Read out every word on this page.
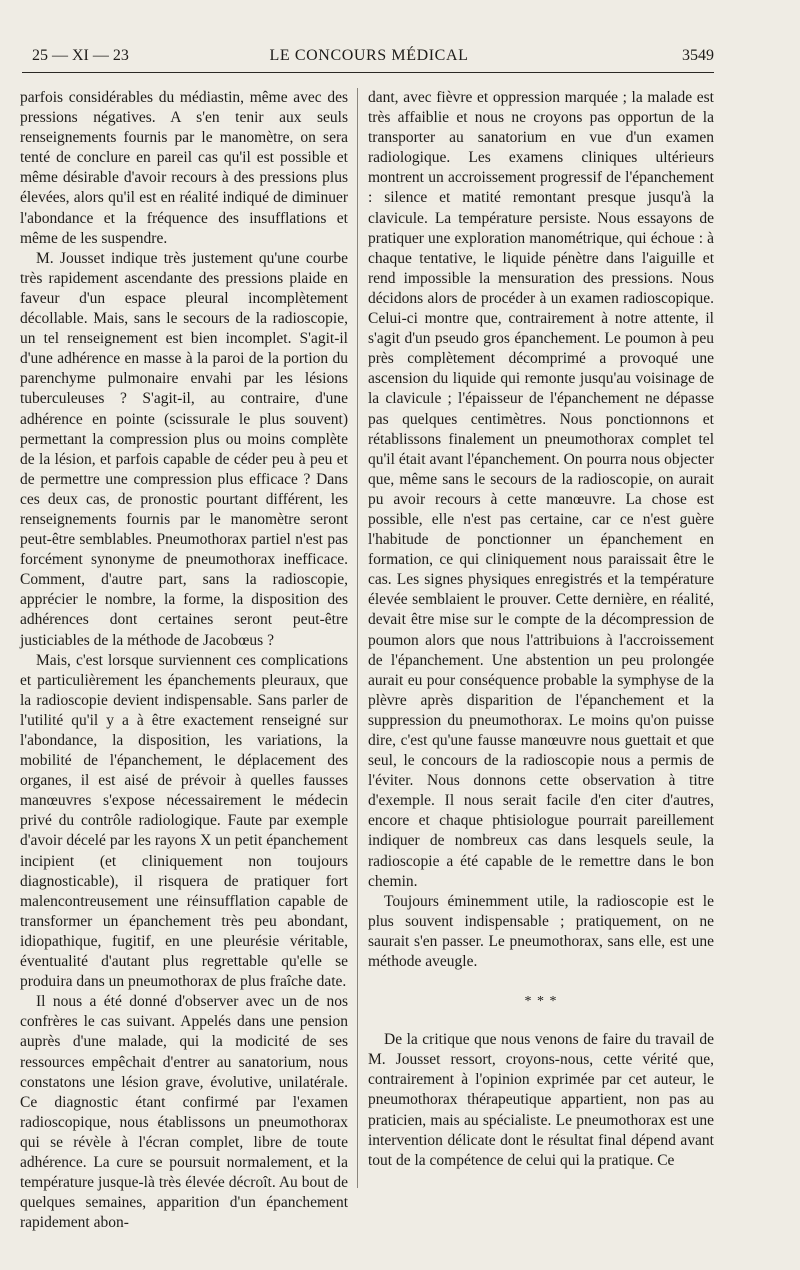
25 — XI — 23	LE CONCOURS MÉDICAL	3549

parfois considérables du médiastin, même avec des pressions négatives. A s'en tenir aux seuls renseignements fournis par le manomètre, on sera tenté de conclure en pareil cas qu'il est possible et même désirable d'avoir recours à des pressions plus élevées, alors qu'il est en réalité indiqué de diminuer l'abondance et la fréquence des insufflations et même de les suspendre.

M. Jousset indique très justement qu'une courbe très rapidement ascendante des pressions plaide en faveur d'un espace pleural incomplètement décollable. Mais, sans le secours de la radioscopie, un tel renseignement est bien incomplet. S'agit-il d'une adhérence en masse à la paroi de la portion du parenchyme pulmonaire envahi par les lésions tuberculeuses ? S'agit-il, au contraire, d'une adhérence en pointe (scissurale le plus souvent) permettant la compression plus ou moins complète de la lésion, et parfois capable de céder peu à peu et de permettre une compression plus efficace ? Dans ces deux cas, de pronostic pourtant différent, les renseignements fournis par le manomètre seront peut-être semblables. Pneumothorax partiel n'est pas forcément synonyme de pneumothorax inefficace. Comment, d'autre part, sans la radioscopie, apprécier le nombre, la forme, la disposition des adhérences dont certaines seront peut-être justiciables de la méthode de Jacobœus ?

Mais, c'est lorsque surviennent ces complications et particulièrement les épanchements pleuraux, que la radioscopie devient indispensable. Sans parler de l'utilité qu'il y a à être exactement renseigné sur l'abondance, la disposition, les variations, la mobilité de l'épanchement, le déplacement des organes, il est aisé de prévoir à quelles fausses manœuvres s'expose nécessairement le médecin privé du contrôle radiologique. Faute par exemple d'avoir décelé par les rayons X un petit épanchement incipient (et cliniquement non toujours diagnosticable), il risquera de pratiquer fort malencontreusement une réinsufflation capable de transformer un épanchement très peu abondant, idiopathique, fugitif, en une pleurésie véritable, éventualité d'autant plus regrettable qu'elle se produira dans un pneumothorax de plus fraîche date.

Il nous a été donné d'observer avec un de nos confrères le cas suivant. Appelés dans une pension auprès d'une malade, qui la modicité de ses ressources empêchait d'entrer au sanatorium, nous constatons une lésion grave, évolutive, unilatérale. Ce diagnostic étant confirmé par l'examen radioscopique, nous établissons un pneumothorax qui se révèle à l'écran complet, libre de toute adhérence. La cure se poursuit normalement, et la température jusque-là très élevée décroît. Au bout de quelques semaines, apparition d'un épanchement rapidement abon-

dant, avec fièvre et oppression marquée ; la malade est très affaiblie et nous ne croyons pas opportun de la transporter au sanatorium en vue d'un examen radiologique. Les examens cliniques ultérieurs montrent un accroissement progressif de l'épanchement : silence et matité remontant presque jusqu'à la clavicule. La température persiste. Nous essayons de pratiquer une exploration manométrique, qui échoue : à chaque tentative, le liquide pénètre dans l'aiguille et rend impossible la mensuration des pressions. Nous décidons alors de procéder à un examen radioscopique. Celui-ci montre que, contrairement à notre attente, il s'agit d'un pseudo gros épanchement. Le poumon à peu près complètement décomprimé a provoqué une ascension du liquide qui remonte jusqu'au voisinage de la clavicule ; l'épaisseur de l'épanchement ne dépasse pas quelques centimètres. Nous ponctionnons et rétablissons finalement un pneumothorax complet tel qu'il était avant l'épanchement. On pourra nous objecter que, même sans le secours de la radioscopie, on aurait pu avoir recours à cette manœuvre. La chose est possible, elle n'est pas certaine, car ce n'est guère l'habitude de ponctionner un épanchement en formation, ce qui cliniquement nous paraissait être le cas. Les signes physiques enregistrés et la température élevée semblaient le prouver. Cette dernière, en réalité, devait être mise sur le compte de la décompression de poumon alors que nous l'attribuions à l'accroissement de l'épanchement. Une abstention un peu prolongée aurait eu pour conséquence probable la symphyse de la plèvre après disparition de l'épanchement et la suppression du pneumothorax. Le moins qu'on puisse dire, c'est qu'une fausse manœuvre nous guettait et que seul, le concours de la radioscopie nous a permis de l'éviter. Nous donnons cette observation à titre d'exemple. Il nous serait facile d'en citer d'autres, encore et chaque phtisiologue pourrait pareillement indiquer de nombreux cas dans lesquels seule, la radioscopie a été capable de le remettre dans le bon chemin.

Toujours éminemment utile, la radioscopie est le plus souvent indispensable ; pratiquement, on ne saurait s'en passer. Le pneumothorax, sans elle, est une méthode aveugle.

* * *

De la critique que nous venons de faire du travail de M. Jousset ressort, croyons-nous, cette vérité que, contrairement à l'opinion exprimée par cet auteur, le pneumothorax thérapeutique appartient, non pas au praticien, mais au spécialiste. Le pneumothorax est une intervention délicate dont le résultat final dépend avant tout de la compétence de celui qui la pratique. Ce
